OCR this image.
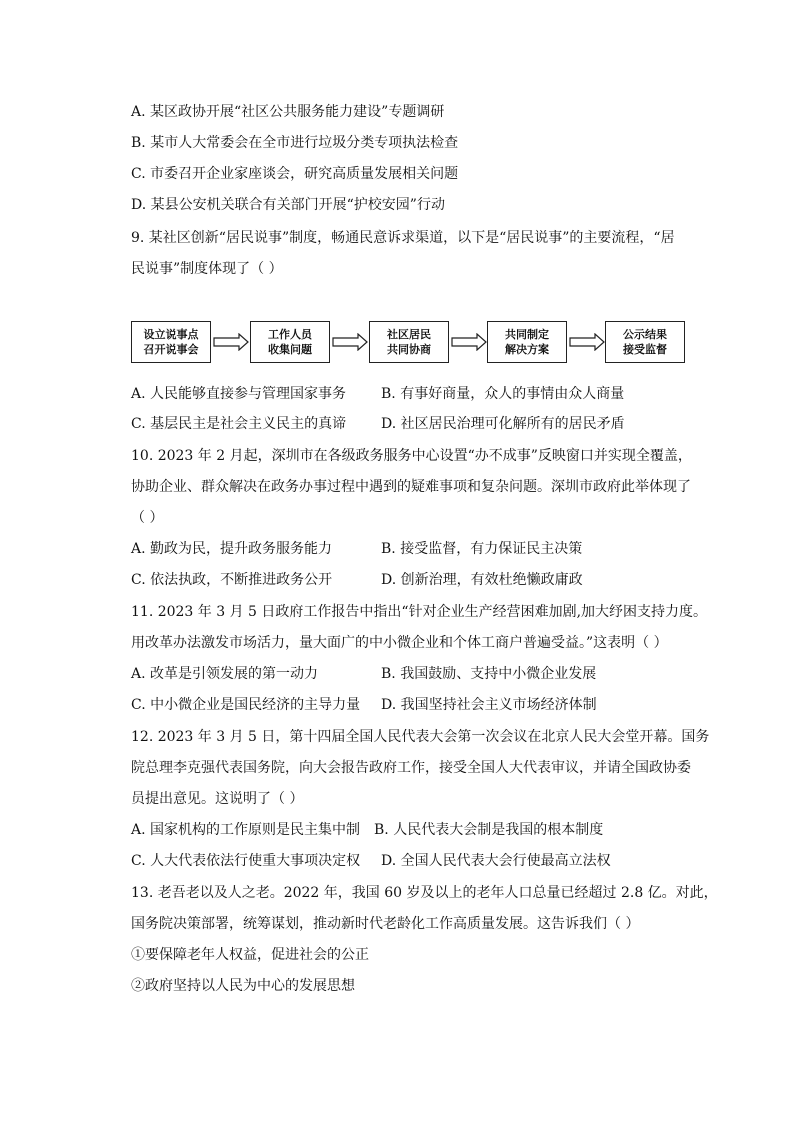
A. 某区政协开展“社区公共服务能力建设”专题调研
B. 某市人大常委会在全市进行垃圾分类专项执法检查
C. 市委召开企业家座谈会，研究高质量发展相关问题
D. 某县公安机关联合有关部门开展“护校安园”行动
9. 某社区创新“居民说事”制度，畅通民意诉求渠道，以下是“居民说事”的主要流程，“居
民说事”制度体现了（ ）
设立说事点
召开说事会
工作人员
收集问题
社区居民
共同协商
共同制定
解决方案
公示结果
接受监督
A. 人民能够直接参与管理国家事务 B. 有事好商量，众人的事情由众人商量
C. 基层民主是社会主义民主的真谛 D. 社区居民治理可化解所有的居民矛盾
10. 2023 年 2 月起，深圳市在各级政务服务中心设置“办不成事”反映窗口并实现全覆盖，
协助企业、群众解决在政务办事过程中遇到的疑难事项和复杂问题。深圳市政府此举体现了
（ ）
A. 勤政为民，提升政务服务能力	B. 接受监督，有力保证民主决策
C. 依法执政，不断推进政务公开	D. 创新治理，有效杜绝懒政庸政
11. 2023 年 3 月 5 日政府工作报告中指出“针对企业生产经营困难加剧,加大纾困支持力度。
用改革办法激发市场活力，量大面广的中小微企业和个体工商户普遍受益。”这表明（ ）
A. 改革是引领发展的第一动力	B. 我国鼓励、支持中小微企业发展
C. 中小微企业是国民经济的主导力量 D. 我国坚持社会主义市场经济体制
12. 2023 年 3 月 5 日，第十四届全国人民代表大会第一次会议在北京人民大会堂开幕。国务
院总理李克强代表国务院，向大会报告政府工作，接受全国人大代表审议，并请全国政协委
员提出意见。这说明了（ ）
A. 国家机构的工作原则是民主集中制 B. 人民代表大会制是我国的根本制度
C. 人大代表依法行使重大事项决定权 D. 全国人民代表大会行使最高立法权
13. 老吾老以及人之老。2022 年，我国 60 岁及以上的老年人口总量已经超过 2.8 亿。对此，
国务院决策部署，统筹谋划，推动新时代老龄化工作高质量发展。这告诉我们（ ）
①要保障老年人权益，促进社会的公正
②政府坚持以人民为中心的发展思想
